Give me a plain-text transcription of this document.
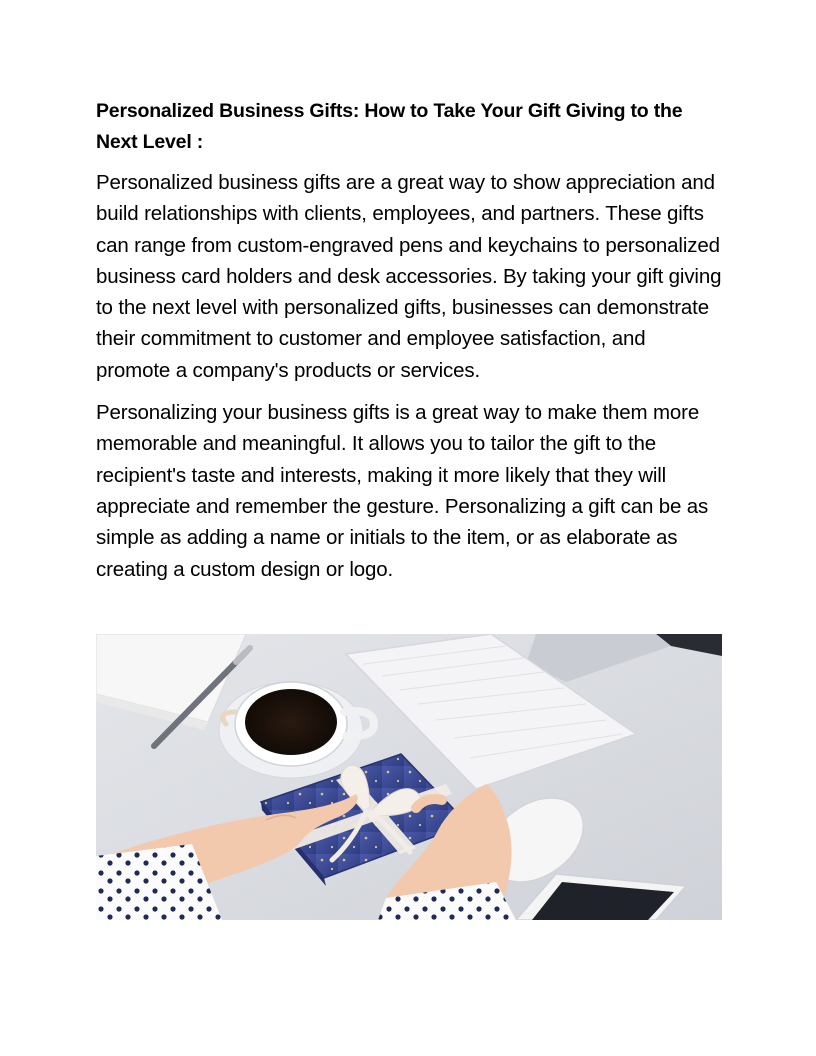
Personalized Business Gifts: How to Take Your Gift Giving to the Next Level :

Personalized business gifts are a great way to show appreciation and build relationships with clients, employees, and partners. These gifts can range from custom-engraved pens and keychains to personalized business card holders and desk accessories. By taking your gift giving to the next level with personalized gifts, businesses can demonstrate their commitment to customer and employee satisfaction, and promote a company's products or services.

Personalizing your business gifts is a great way to make them more memorable and meaningful. It allows you to tailor the gift to the recipient's taste and interests, making it more likely that they will appreciate and remember the gesture. Personalizing a gift can be as simple as adding a name or initials to the item, or as elaborate as creating a custom design or logo.
